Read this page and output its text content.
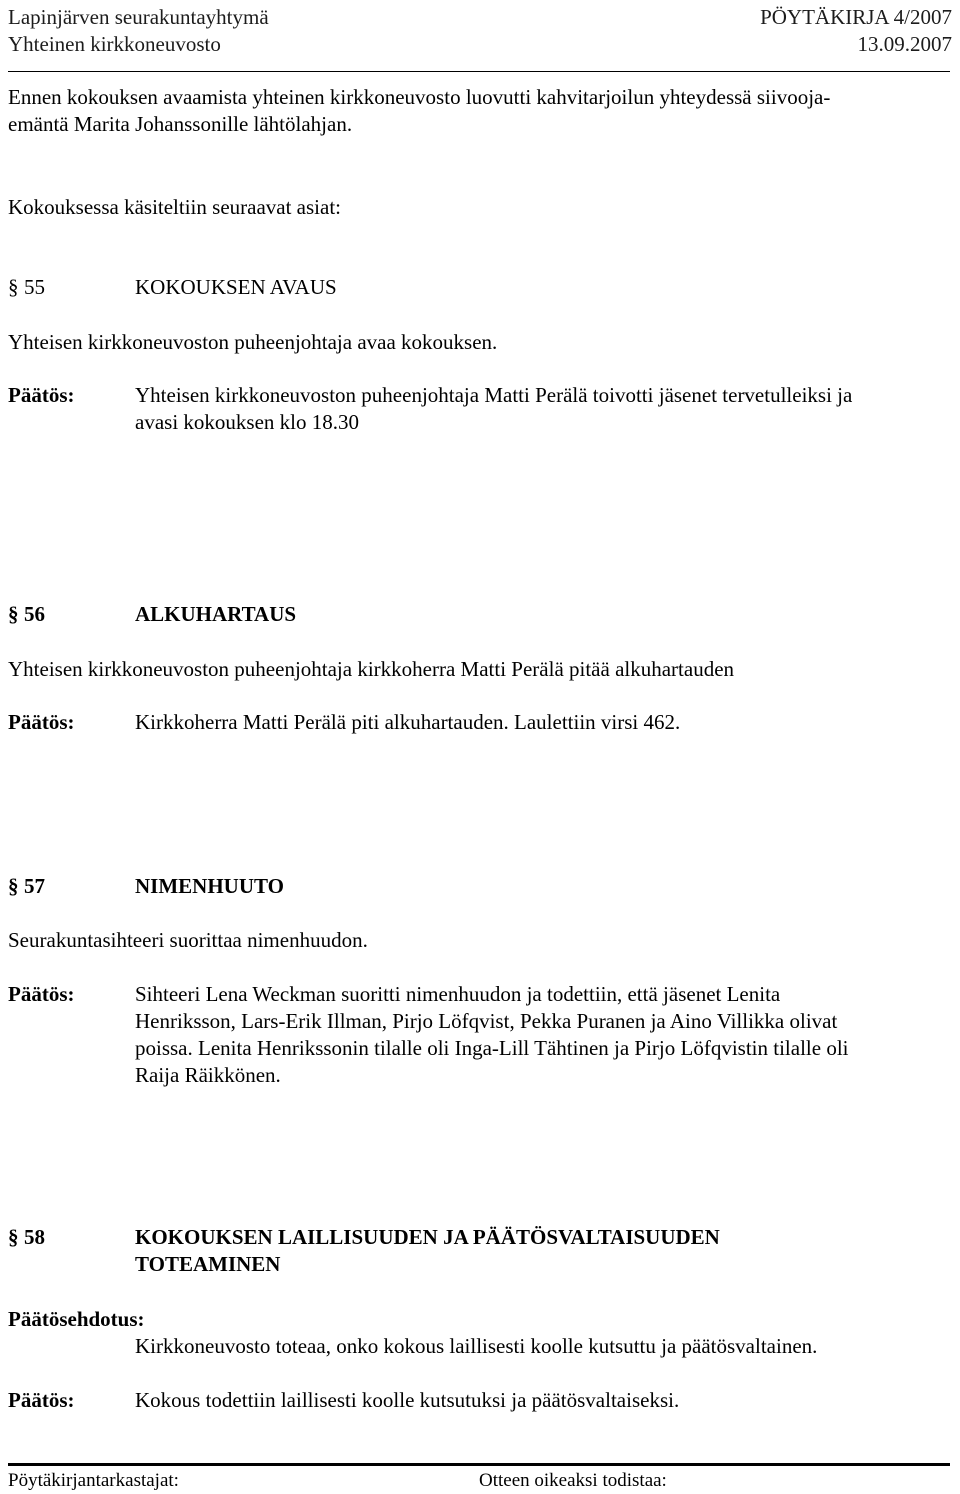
Lapinjärven seurakuntayhtymä	PÖYTÄKIRJA 4/2007
Yhteinen kirkkoneuvosto	13.09.2007
Ennen kokouksen avaamista yhteinen kirkkoneuvosto luovutti kahvitarjoilun yhteydessä siivooja-
emäntä Marita Johanssonille lähtölahjan.
Kokouksessa käsiteltiin seuraavat asiat:
§ 55	KOKOUKSEN AVAUS
Yhteisen kirkkoneuvoston puheenjohtaja avaa kokouksen.
Päätös:	Yhteisen kirkkoneuvoston puheenjohtaja Matti Perälä toivotti jäsenet tervetulleiksi ja
avasi kokouksen klo 18.30
§ 56	ALKUHARTAUS
Yhteisen kirkkoneuvoston puheenjohtaja kirkkoherra Matti Perälä pitää alkuhartauden
Päätös:	Kirkkoherra Matti Perälä piti alkuhartauden. Laulettiin virsi 462.
§ 57	NIMENHUUTO
Seurakuntasihteeri suorittaa nimenhuudon.
Päätös:	Sihteeri Lena Weckman suoritti nimenhuudon ja todettiin, että jäsenet Lenita
Henriksson, Lars-Erik Illman, Pirjo Löfqvist, Pekka Puranen ja Aino Villikka olivat
poissa. Lenita Henrikssonin tilalle oli Inga-Lill Tähtinen ja Pirjo Löfqvistin tilalle oli
Raija Räikkönen.
§ 58	KOKOUKSEN LAILLISUUDEN JA PÄÄTÖSVALTAISUUDEN
TOTEAMINEN
Päätösehdotus:
Kirkkoneuvosto toteaa, onko kokous laillisesti koolle kutsuttu ja päätösvaltainen.
Päätös:	Kokous todettiin laillisesti koolle kutsutuksi ja päätösvaltaiseksi.
Pöytäkirjantarkastajat:	Otteen oikeaksi todistaa:
